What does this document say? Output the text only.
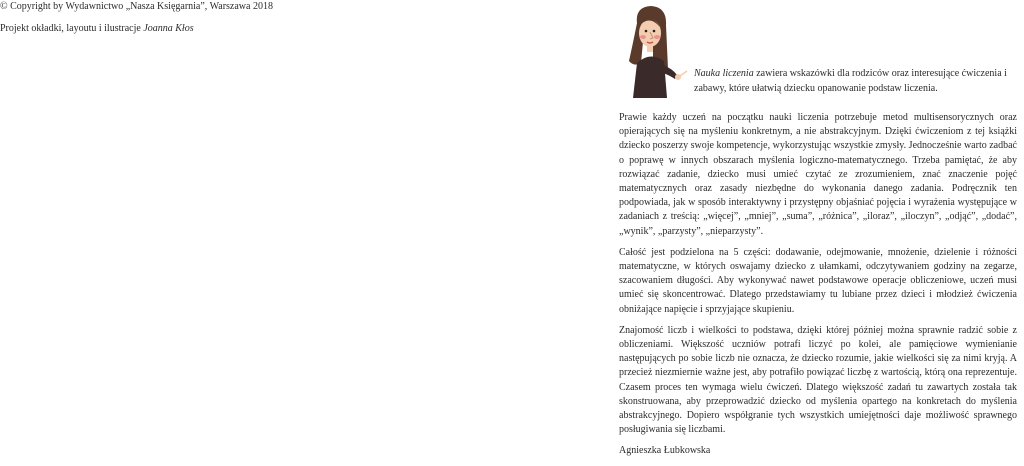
© Copyright by Wydawnictwo „Nasza Księgarnia”, Warszawa 2018

Projekt okładki, layoutu i ilustracje Joanna Kłos

Nauka liczenia zawiera wskazówki dla rodziców oraz interesujące ćwiczenia i zabawy, które ułatwią dziecku opanowanie podstaw liczenia.

Prawie każdy uczeń na początku nauki liczenia potrzebuje metod multisensorycznych oraz opierających się na myśleniu konkretnym, a nie abstrakcyjnym. Dzięki ćwiczeniom z tej książki dziecko poszerzy swoje kompetencje, wykorzystując wszystkie zmysły. Jednocześnie warto zadbać o poprawę w innych obszarach myślenia logiczno-matematycznego. Trzeba pamiętać, że aby rozwiązać zadanie, dziecko musi umieć czytać ze zrozumieniem, znać znaczenie pojęć matematycznych oraz zasady niezbędne do wykonania danego zadania. Podręcznik ten podpowiada, jak w sposób interaktywny i przystępny objaśniać pojęcia i wyrażenia występujące w zadaniach z treścią: „więcej”, „mniej”, „suma”, „różnica”, „iloraz”, „iloczyn”, „odjąć”, „dodać”, „wynik”, „parzysty”, „nieparzysty”.

Całość jest podzielona na 5 części: dodawanie, odejmowanie, mnożenie, dzielenie i różności matematyczne, w których oswajamy dziecko z ułamkami, odczytywaniem godziny na zegarze, szacowaniem długości. Aby wykonywać nawet podstawowe operacje obliczeniowe, uczeń musi umieć się skoncentrować. Dlatego przedstawiamy tu lubiane przez dzieci i młodzież ćwiczenia obniżające napięcie i sprzyjające skupieniu.

Znajomość liczb i wielkości to podstawa, dzięki której później można sprawnie radzić sobie z obliczeniami. Większość uczniów potrafi liczyć po kolei, ale pamięciowe wymienianie następujących po sobie liczb nie oznacza, że dziecko rozumie, jakie wielkości się za nimi kryją. A przecież niezmiernie ważne jest, aby potrafiło powiązać liczbę z wartością, którą ona reprezentuje. Czasem proces ten wymaga wielu ćwiczeń. Dlatego większość zadań tu zawartych została tak skonstruowana, aby przeprowadzić dziecko od myślenia opartego na konkretach do myślenia abstrakcyjnego. Dopiero współgranie tych wszystkich umiejętności daje możliwość sprawnego posługiwania się liczbami.

Agnieszka Łubkowska
